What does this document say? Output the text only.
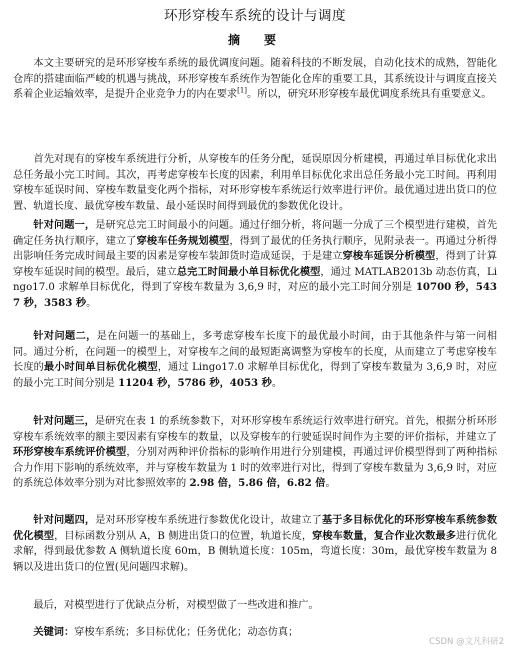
环形穿梭车系统的设计与调度
摘　要

本文主要研究的是环形穿梭车系统的最优调度问题。随着科技的不断发展，自动化技术的成熟，智能化仓库的搭建面临严峻的机遇与挑战，环形穿梭车系统作为智能化仓库的重要工具，其系统设计与调度直接关系着企业运输效率，是提升企业竞争力的内在要求[1]。所以，研究环形穿梭车最优调度系统具有重要意义。

首先对现有的穿梭车系统进行分析，从穿梭车的任务分配，延误原因分析建模，再通过单目标优化求出总任务最小完工时间。其次，再考虑穿梭车长度的因素，利用单目标优化求出总任务最小完工时间。再利用穿梭车延误时间、穿梭车数量变化两个指标，对环形穿梭车系统运行效率进行评价。最优通过进出货口的位置、轨道长度、最优穿梭车数量、最小延误时间得到最优的参数优化设计。

针对问题一，是研究总完工时间最小的问题。通过仔细分析，将问题一分成了三个模型进行建模，首先确定任务执行顺序，建立了穿梭车任务规划模型，得到了最优的任务执行顺序，见附录表一。再通过分析得出影响任务完成时间最主要的因素是穿梭车装卸货时造成延误，于是建立穿梭车延误分析模型，得到了计算穿梭车延误时间的模型。最后，建立总完工时间最小单目标优化模型，通过 MATLAB2013b 动态仿真，Lingo17.0 求解单目标优化，得到了穿梭车数量为 3,6,9 时，对应的最小完工时间分别是 10700 秒，5437 秒，3583 秒。

针对问题二，是在问题一的基础上，多考虑穿梭车长度下的最优最小时间，由于其他条件与第一问相同。通过分析，在问题一的模型上，对穿梭车之间的最短距离调整为穿梭车的长度，从而建立了考虑穿梭车长度的最小时间单目标优化模型，通过 Lingo17.0 求解单目标优化，得到了穿梭车数量为 3,6,9 时，对应的最小完工时间分别是 11204 秒，5786 秒，4053 秒。

针对问题三，是研究在表 1 的系统参数下，对环形穿梭车系统运行效率进行研究。首先，根据分析环形穿梭车系统效率的额主要因素有穿梭车的数量，以及穿梭车的行驶延误时间作为主要的评价指标，并建立了环形穿梭车系统评价模型，分别对两种评价指标的影响作用进行分别建模，再通过评价模型得到了两种指标合力作用下影响的系统效率，并与穿梭车数量为 1 时的效率进行对比，得到了穿梭车数量为 3,6,9 时，对应的系统总体效率分别为对比参照效率的 2.98 倍，5.86 倍，6.82 倍。

针对问题四，是对环形穿梭车系统进行参数优化设计，故建立了基于多目标优化的环形穿梭车系统参数优化模型，目标函数分别从 A，B 侧进出货口的位置，轨道长度，穿梭车数量，复合作业次数最多进行优化求解，得到最优参数 A 侧轨道长度 60m，B 侧轨道长度：105m，弯道长度：30m，最优穿梭车数量为 8 辆以及进出货口的位置(见问题四求解)。

最后，对模型进行了优缺点分析，对模型做了一些改进和推广。

关键词：穿梭车系统；多目标优化；任务优化；动态仿真；

CSDN @文凡科研2
